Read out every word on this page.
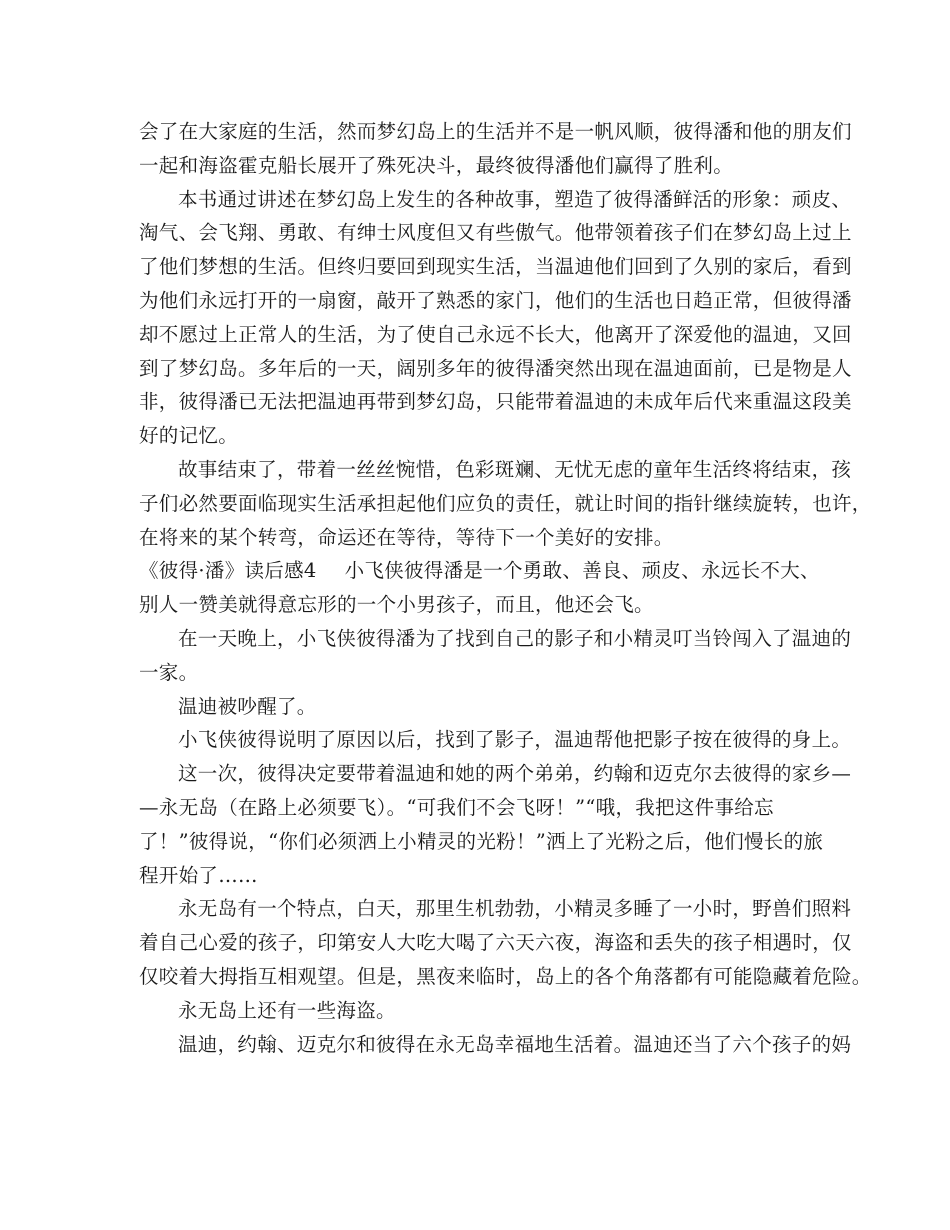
会了在大家庭的生活，然而梦幻岛上的生活并不是一帆风顺，彼得潘和他的朋友们
一起和海盗霍克船长展开了殊死决斗，最终彼得潘他们赢得了胜利。
本书通过讲述在梦幻岛上发生的各种故事，塑造了彼得潘鲜活的形象：顽皮、
淘气、会飞翔、勇敢、有绅士风度但又有些傲气。他带领着孩子们在梦幻岛上过上
了他们梦想的生活。但终归要回到现实生活，当温迪他们回到了久别的家后，看到
为他们永远打开的一扇窗，敲开了熟悉的家门，他们的生活也日趋正常，但彼得潘
却不愿过上正常人的生活，为了使自己永远不长大，他离开了深爱他的温迪，又回
到了梦幻岛。多年后的一天，阔别多年的彼得潘突然出现在温迪面前，已是物是人
非，彼得潘已无法把温迪再带到梦幻岛，只能带着温迪的未成年后代来重温这段美
好的记忆。
故事结束了，带着一丝丝惋惜，色彩斑斓、无忧无虑的童年生活终将结束，孩
子们必然要面临现实生活承担起他们应负的责任，就让时间的指针继续旋转，也许，
在将来的某个转弯，命运还在等待，等待下一个美好的安排。
《彼得·潘》读后感4 小飞侠彼得潘是一个勇敢、善良、顽皮、永远长不大、
别人一赞美就得意忘形的一个小男孩子，而且，他还会飞。
在一天晚上，小飞侠彼得潘为了找到自己的影子和小精灵叮当铃闯入了温迪的
一家。
温迪被吵醒了。
小飞侠彼得说明了原因以后，找到了影子，温迪帮他把影子按在彼得的身上。
这一次，彼得决定要带着温迪和她的两个弟弟，约翰和迈克尔去彼得的家乡—
—永无岛（在路上必须要飞）。“可我们不会飞呀！”“哦，我把这件事给忘
了！”彼得说，“你们必须洒上小精灵的光粉！”洒上了光粉之后，他们慢长的旅
程开始了……
永无岛有一个特点，白天，那里生机勃勃，小精灵多睡了一小时，野兽们照料
着自己心爱的孩子，印第安人大吃大喝了六天六夜，海盗和丢失的孩子相遇时，仅
仅咬着大拇指互相观望。但是，黑夜来临时，岛上的各个角落都有可能隐藏着危险。
永无岛上还有一些海盗。
温迪，约翰、迈克尔和彼得在永无岛幸福地生活着。温迪还当了六个孩子的妈
